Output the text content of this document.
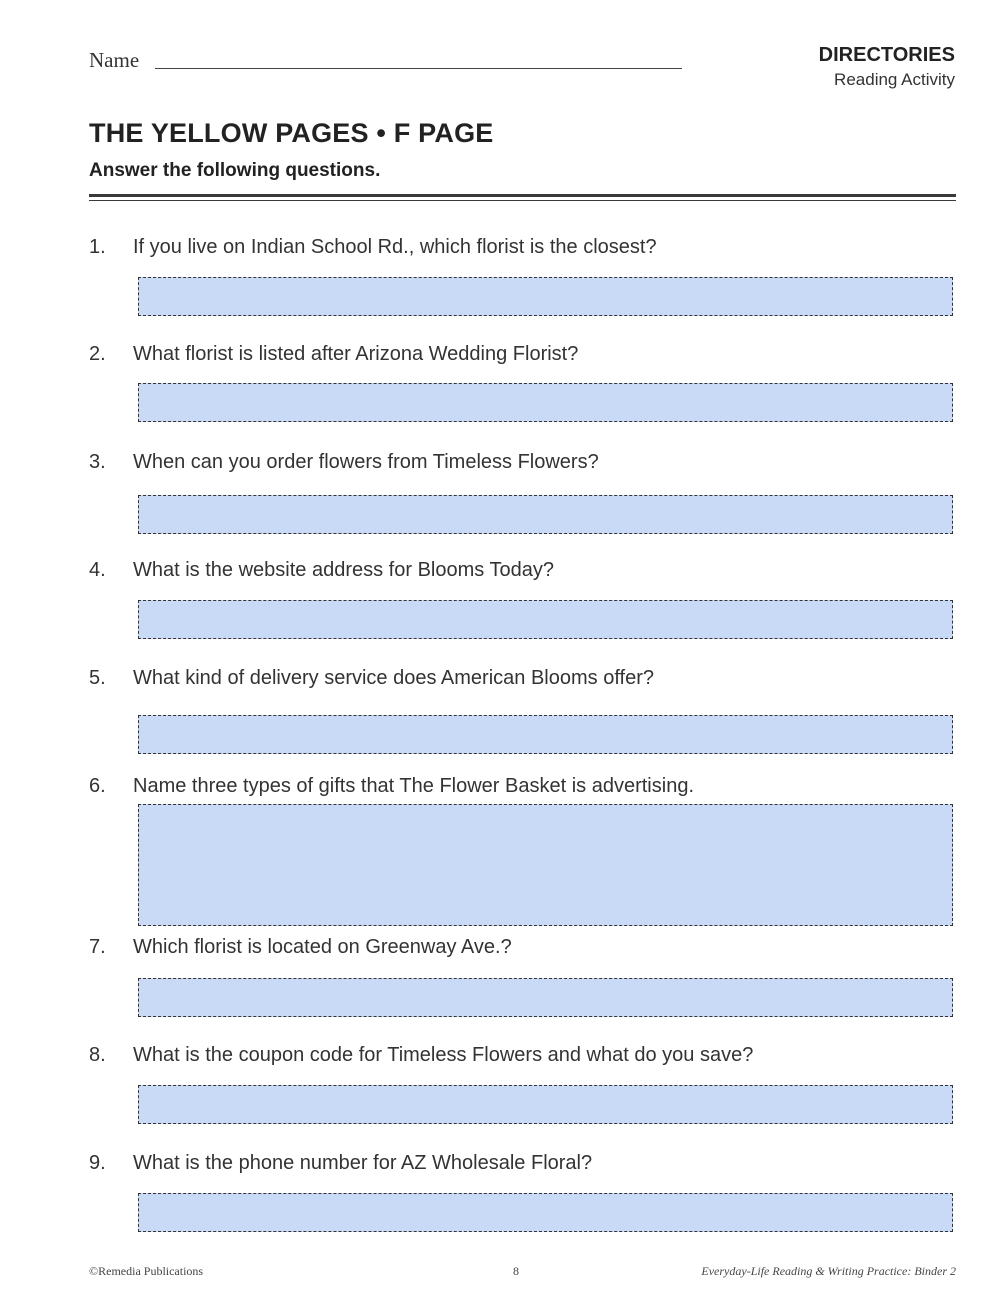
Name	DIRECTORIES
Reading Activity
THE YELLOW PAGES • F PAGE
Answer the following questions.
1. If you live on Indian School Rd., which florist is the closest?
2. What florist is listed after Arizona Wedding Florist?
3. When can you order flowers from Timeless Flowers?
4. What is the website address for Blooms Today?
5. What kind of delivery service does American Blooms offer?
6. Name three types of gifts that The Flower Basket is advertising.
7. Which florist is located on Greenway Ave.?
8. What is the coupon code for Timeless Flowers and what do you save?
9. What is the phone number for AZ Wholesale Floral?
©Remedia Publications	8	Everyday-Life Reading & Writing Practice: Binder 2
